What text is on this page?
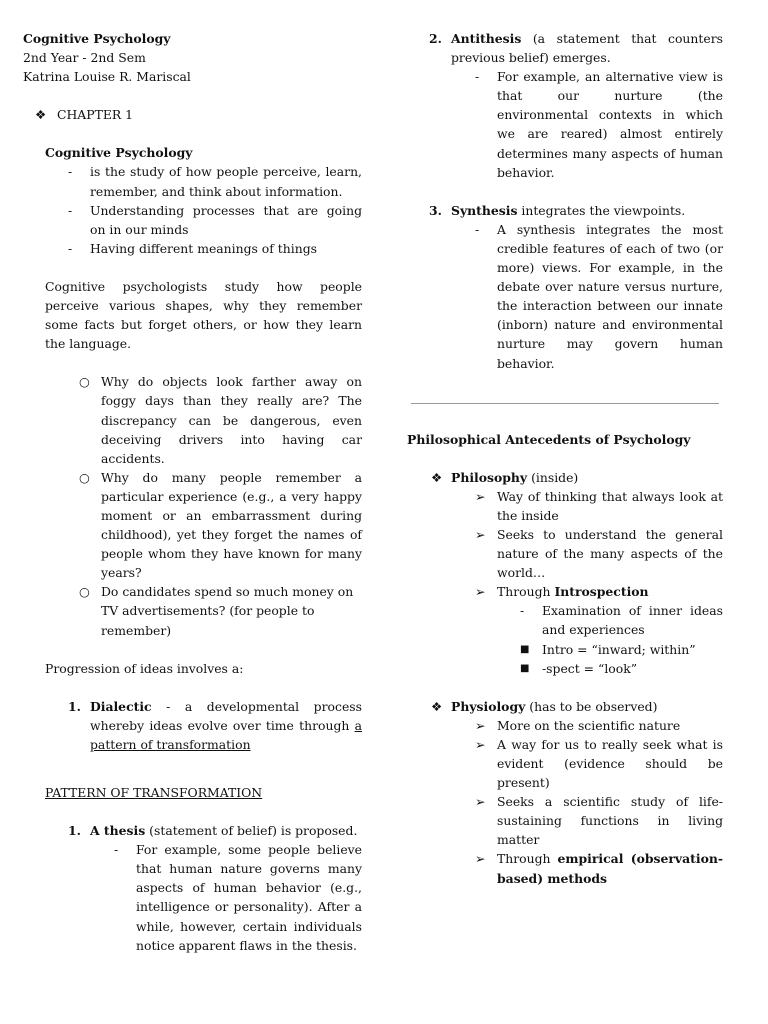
Cognitive Psychology

2nd Year - 2nd Sem

Katrina Louise R. Mariscal

❖ CHAPTER 1

Cognitive Psychology

- is the study of how people perceive, learn, remember, and think about information.
- Understanding processes that are going on in our minds
- Having different meanings of things

Cognitive psychologists study how people perceive various shapes, why they remember some facts but forget others, or how they learn the language.

○ Why do objects look farther away on foggy days than they really are? The discrepancy can be dangerous, even deceiving drivers into having car accidents.
○ Why do many people remember a particular experience (e.g., a very happy moment or an embarrassment during childhood), yet they forget the names of people whom they have known for many years?
○ Do candidates spend so much money on TV advertisements? (for people to remember)

Progression of ideas involves a:

1. Dialectic - a developmental process whereby ideas evolve over time through a pattern of transformation

PATTERN OF TRANSFORMATION

1. A thesis (statement of belief) is proposed.
- For example, some people believe that human nature governs many aspects of human behavior (e.g., intelligence or personality). After a while, however, certain individuals notice apparent flaws in the thesis.
2. Antithesis (a statement that counters previous belief) emerges.
- For example, an alternative view is that our nurture (the environmental contexts in which we are reared) almost entirely determines many aspects of human behavior.
3. Synthesis integrates the viewpoints.
- A synthesis integrates the most credible features of each of two (or more) views. For example, in the debate over nature versus nurture, the interaction between our innate (inborn) nature and environmental nurture may govern human behavior.

Philosophical Antecedents of Psychology

❖ Philosophy (inside)
➢ Way of thinking that always look at the inside
➢ Seeks to understand the general nature of the many aspects of the world…
➢ Through Introspection
- Examination of inner ideas and experiences
■ Intro = “inward; within”
■ -spect = “look”
❖ Physiology (has to be observed)
➢ More on the scientific nature
➢ A way for us to really seek what is evident (evidence should be present)
➢ Seeks a scientific study of life-sustaining functions in living matter
➢ Through empirical (observation-based) methods
